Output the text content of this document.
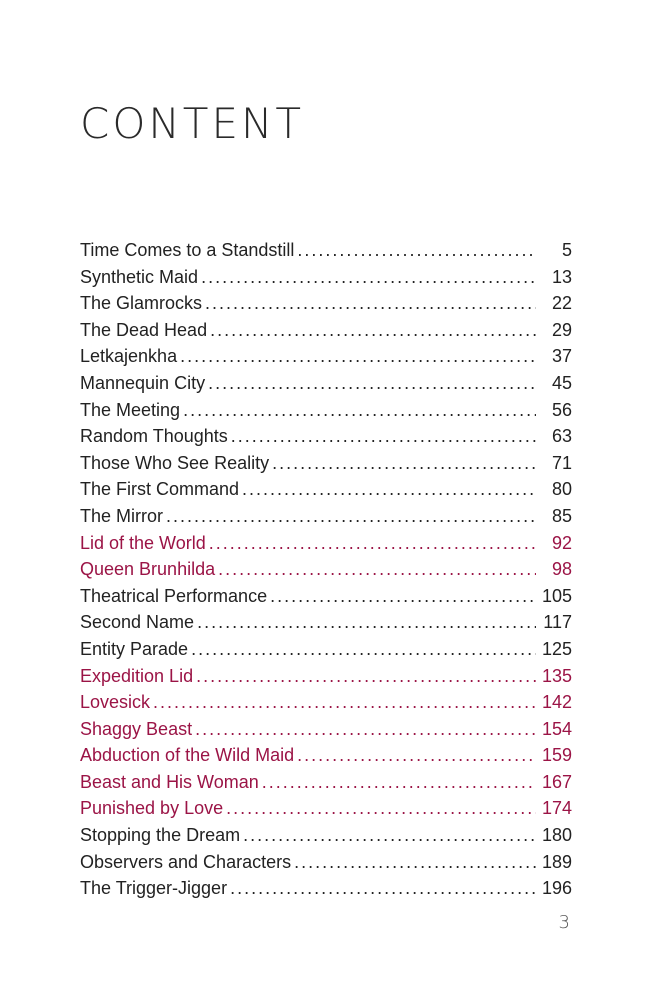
CONTENT
Time Comes to a Standstill . . .	5
Synthetic Maid . . .	13
The Glamrocks . . .	22
The Dead Head . . .	29
Letkajenkha . . .	37
Mannequin City . . .	45
The Meeting . . .	56
Random Thoughts . . .	63
Those Who See Reality . . .	71
The First Command . . .	80
The Mirror . . .	85
Lid of the World . . .	92
Queen Brunhilda . . .	98
Theatrical Performance . . .	105
Second Name . . .	117
Entity Parade . . .	125
Expedition Lid . . .	135
Lovesick . . .	142
Shaggy Beast . . .	154
Abduction of the Wild Maid . . .	159
Beast and His Woman . . .	167
Punished by Love . . .	174
Stopping the Dream . . .	180
Observers and Characters . . .	189
The Trigger-Jigger . . .	196
3
